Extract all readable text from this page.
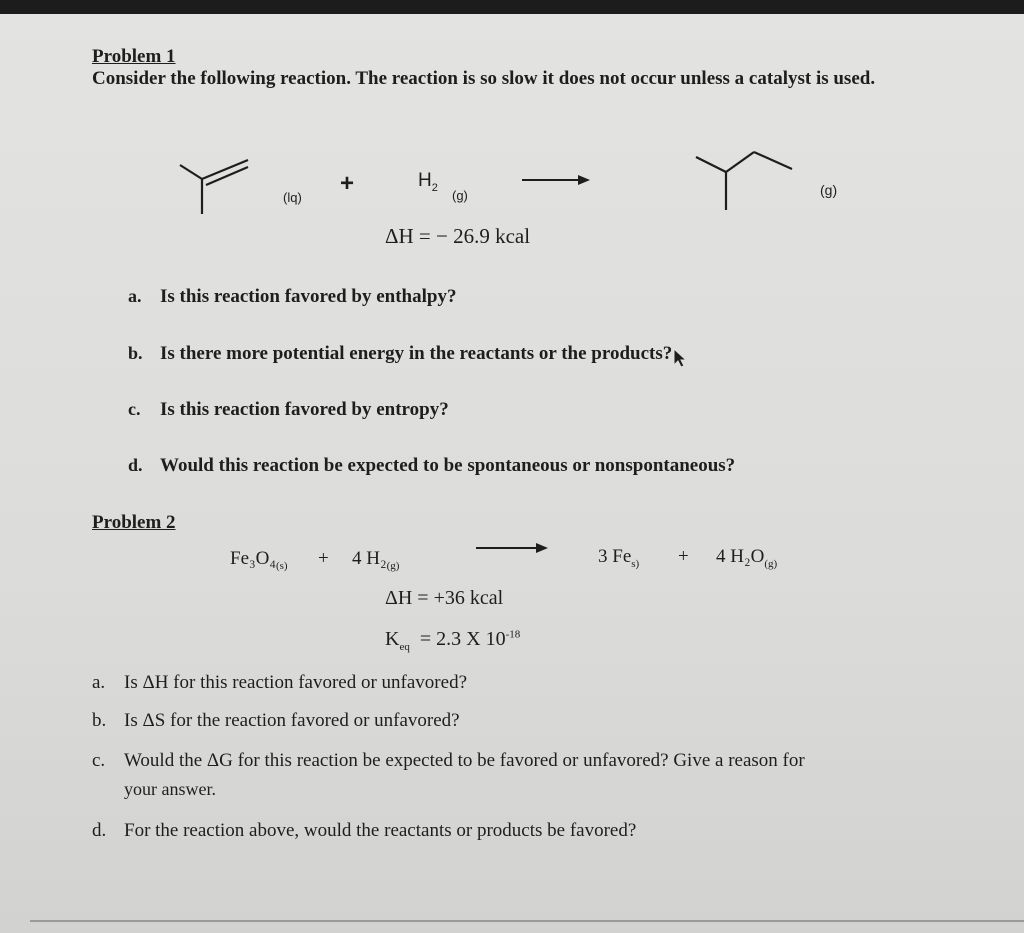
Problem 1
Consider the following reaction. The reaction is so slow it does not occur unless a catalyst is used.
(lq)
+	$H_2$
(g)	(g)
ΔH = − 26.9 kcal
a. Is this reaction favored by enthalpy?
b. Is there more potential energy in the reactants or the products?
c. Is this reaction favored by entropy?
d. Would this reaction be expected to be spontaneous or nonspontaneous?
Problem 2
$Fe_3O_4_{(s)} + 4$ $H_2_{(g)}$	3 $Fe_{s)} + 4$ $H_2O_{(g)}$
ΔH = +36 kcal
$K_{eq} = 2.3$ X $10^{-18}$
a. Is ΔH for this reaction favored or unfavored?
b. Is ΔS for the reaction favored or unfavored?
c. Would the ΔG for this reaction be expected to be favored or unfavored? Give a reason for
your answer.
d. For the reaction above, would the reactants or products be favored?
